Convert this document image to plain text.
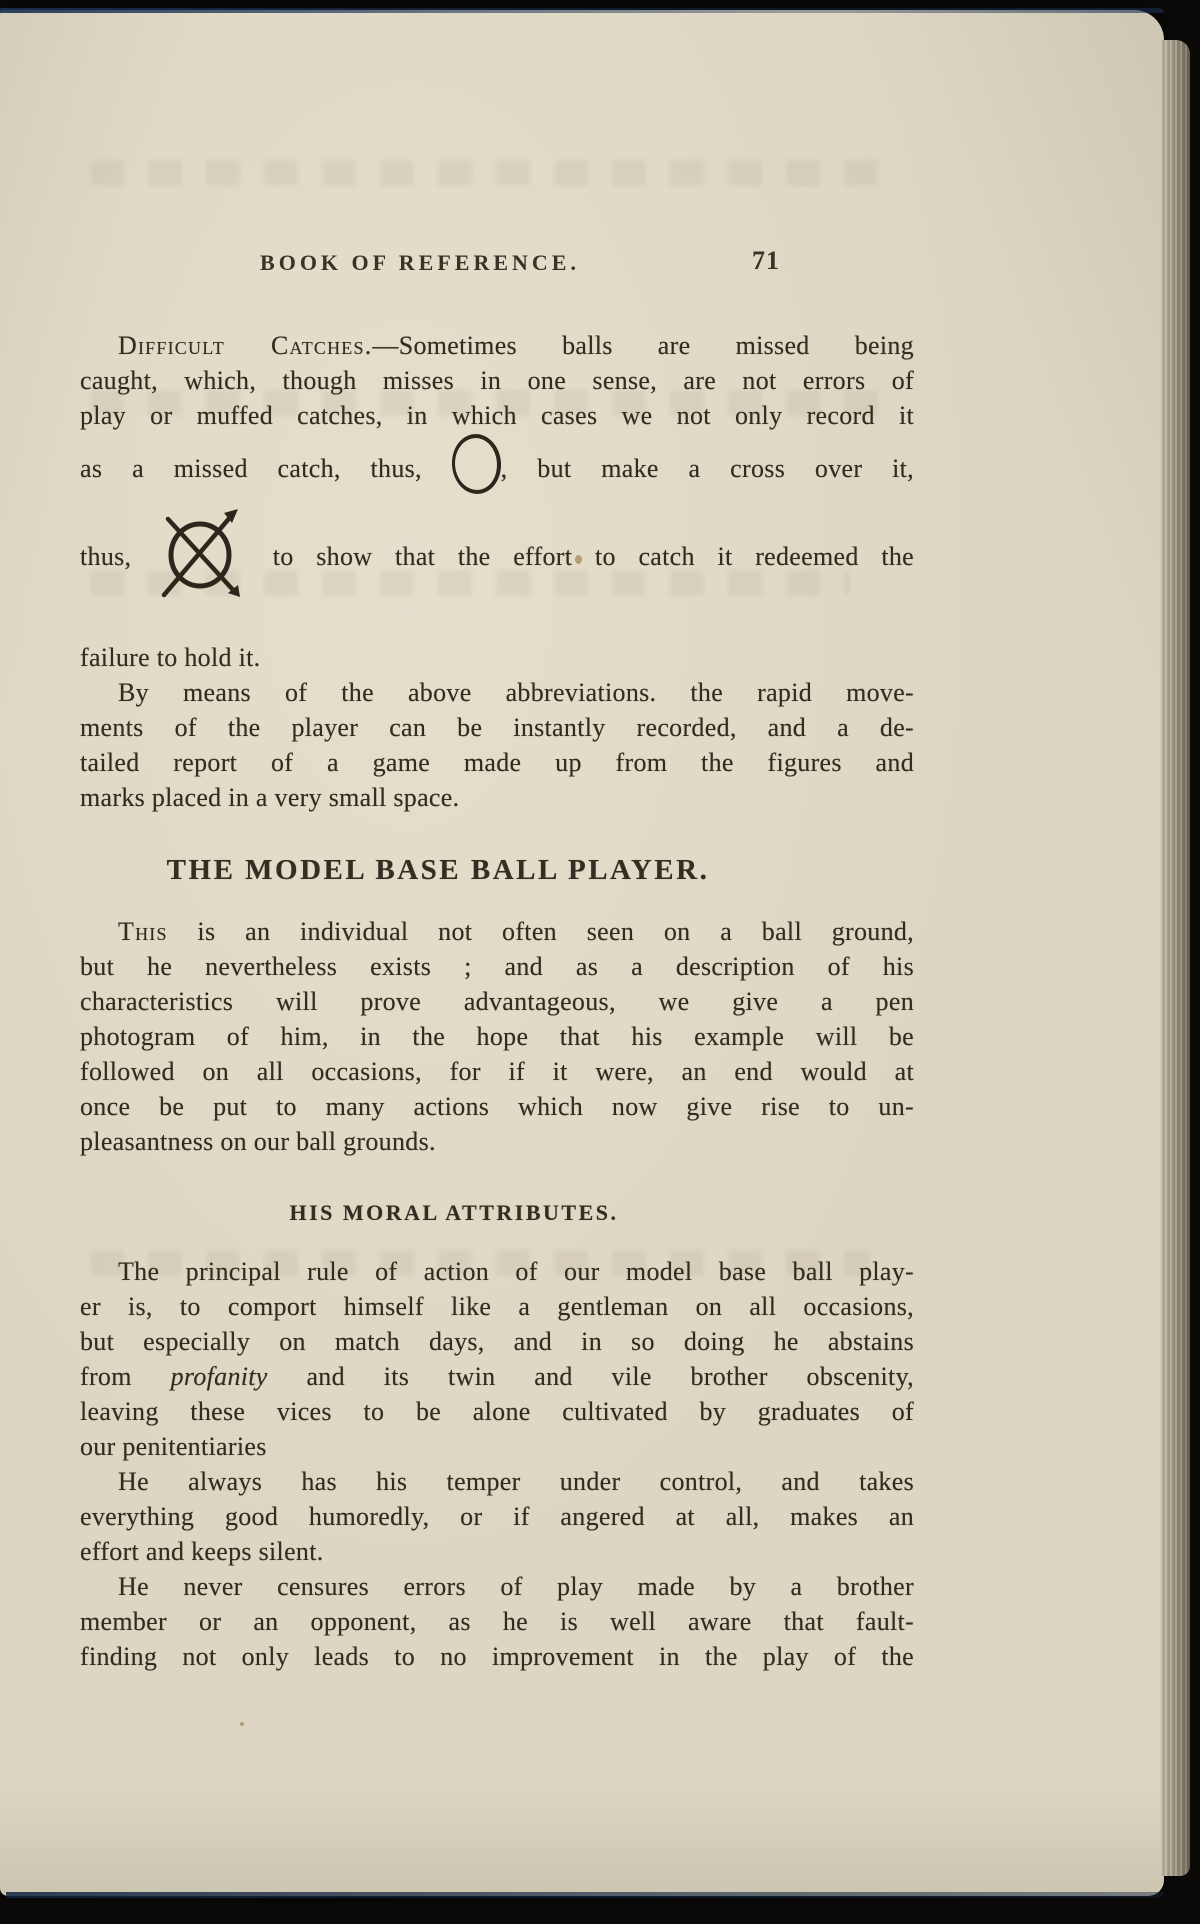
BOOK OF REFERENCE.	71
Difficult Catches.—Sometimes balls are missed being
caught, which, though misses in one sense, are not errors of
play or muffed catches, in which cases we not only record it
as a missed catch, thus,	, but make a cross over it,
thus,	to show that the effort to catch it redeemed the
failure to hold it.
By means of the above abbreviations. the rapid move-
ments of the player can be instantly recorded, and a de-
tailed report of a game made up from the figures and
marks placed in a very small space.
THE MODEL BASE BALL PLAYER.
This is an individual not often seen on a ball ground,
but he nevertheless exists ; and as a description of his
characteristics will prove advantageous, we give a pen
photogram of him, in the hope that his example will be
followed on all occasions, for if it were, an end would at
once be put to many actions which now give rise to un-
pleasantness on our ball grounds.
HIS MORAL ATTRIBUTES.
The principal rule of action of our model base ball play-
er is, to comport himself like a gentleman on all occasions,
but especially on match days, and in so doing he abstains
from profanity and its twin and vile brother obscenity,
leaving these vices to be alone cultivated by graduates of
our penitentiaries
He always has his temper under control, and takes
everything good humoredly, or if angered at all, makes an
effort and keeps silent.
He never censures errors of play made by a brother
member or an opponent, as he is well aware that fault-
finding not only leads to no improvement in the play of the
